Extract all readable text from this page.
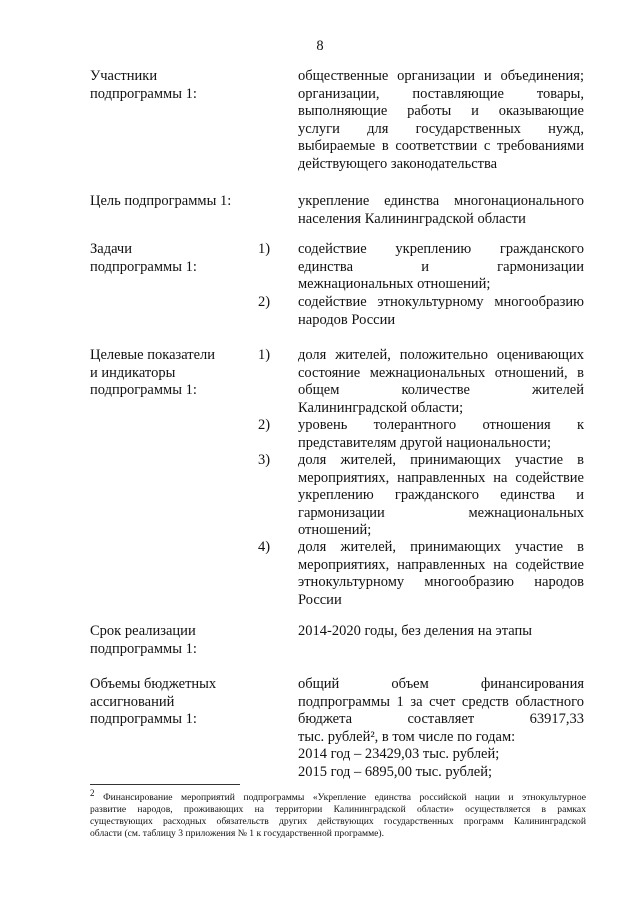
8
Участники
подпрограммы 1:
общественные организации и объединения;
организации, поставляющие товары,
выполняющие работы и оказывающие
услуги для государственных нужд,
выбираемые в соответствии с требованиями
действующего законодательства
Цель подпрограммы 1:	укрепление единства многонационального
населения Калининградской области
Задачи
подпрограммы 1:
1)	содействие укреплению гражданского
единства и гармонизации
межнациональных отношений;
2)	содействие этнокультурному многообразию
народов России
Целевые показатели
и индикаторы
подпрограммы 1:
1)	доля жителей, положительно оценивающих
состояние межнациональных отношений, в
общем количестве жителей
Калининградской области;
2)	уровень толерантного отношения к
представителям другой национальности;
3)	доля жителей, принимающих участие в
мероприятиях, направленных на содействие
укреплению гражданского единства и
гармонизации межнациональных
отношений;
4)	доля жителей, принимающих участие в
мероприятиях, направленных на содействие
этнокультурному многообразию народов
России
Срок реализации
подпрограммы 1:
2014-2020 годы, без деления на этапы
Объемы бюджетных
ассигнований
подпрограммы 1:
общий объем финансирования
подпрограммы 1 за счет средств областного
бюджета составляет 63917,33
тыс. рублей², в том числе по годам:
2014 год – 23429,03 тыс. рублей;
2015 год – 6895,00 тыс. рублей;
$^2$ Финансирование мероприятий подпрограммы «Укрепление единства российской нации и этнокультурное
развитие народов, проживающих на территории Калининградской области» осуществляется в рамках
существующих расходных обязательств других действующих государственных программ Калининградской
области (см. таблицу 3 приложения № 1 к государственной программе).
